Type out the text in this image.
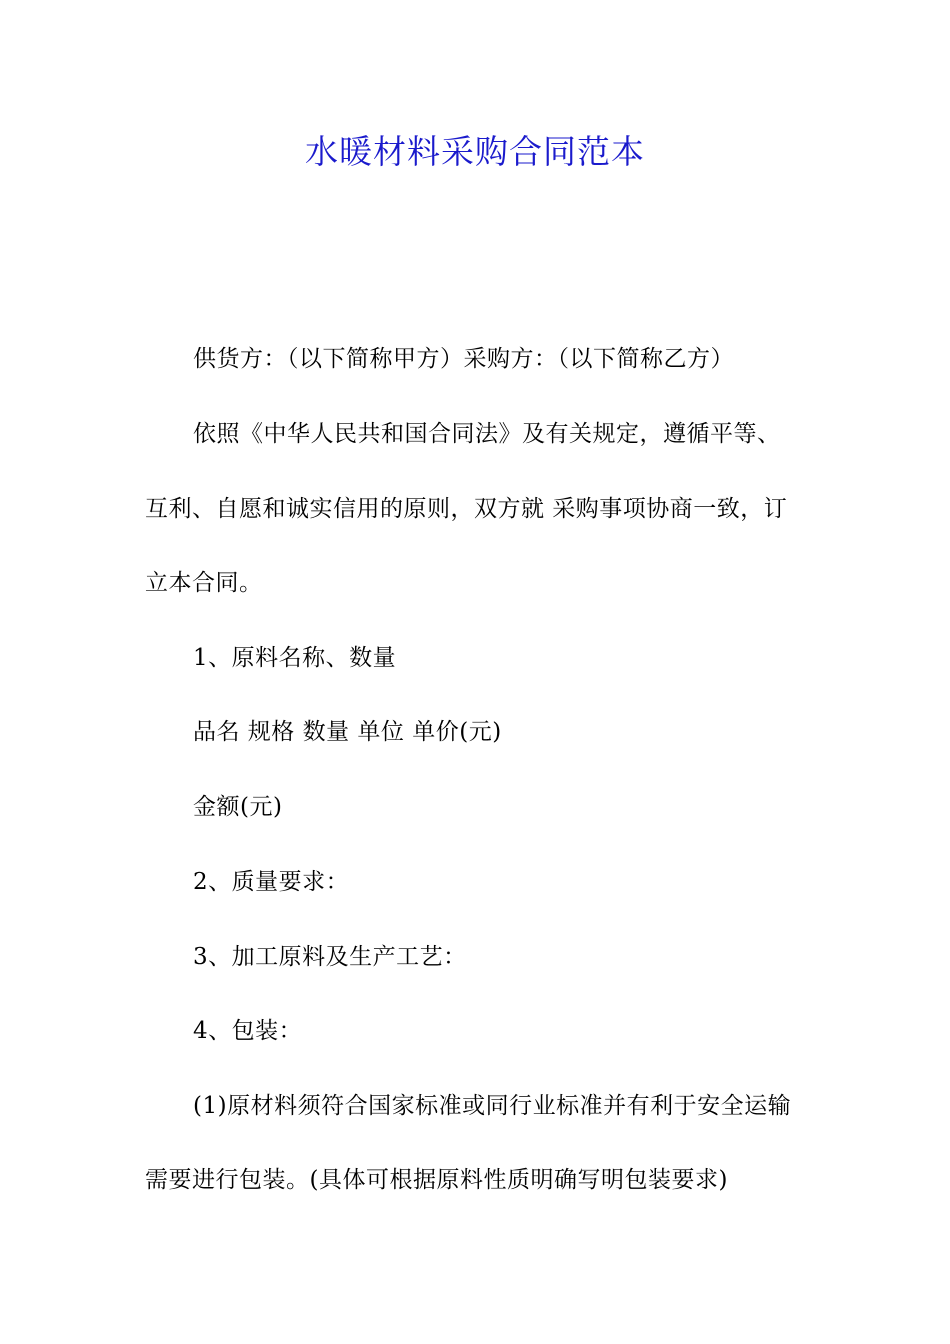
水暖材料采购合同范本
供货方：（以下简称甲方）采购方：（以下简称乙方）
依照《中华人民共和国合同法》及有关规定，遵循平等、
互利、自愿和诚实信用的原则，双方就 采购事项协商一致，订
立本合同。
1、原料名称、数量
品名 规格 数量 单位 单价(元)
金额(元)
2、质量要求：
3、加工原料及生产工艺：
4、包装：
(1)原材料须符合国家标准或同行业标准并有利于安全运输
需要进行包装。(具体可根据原料性质明确写明包装要求)
